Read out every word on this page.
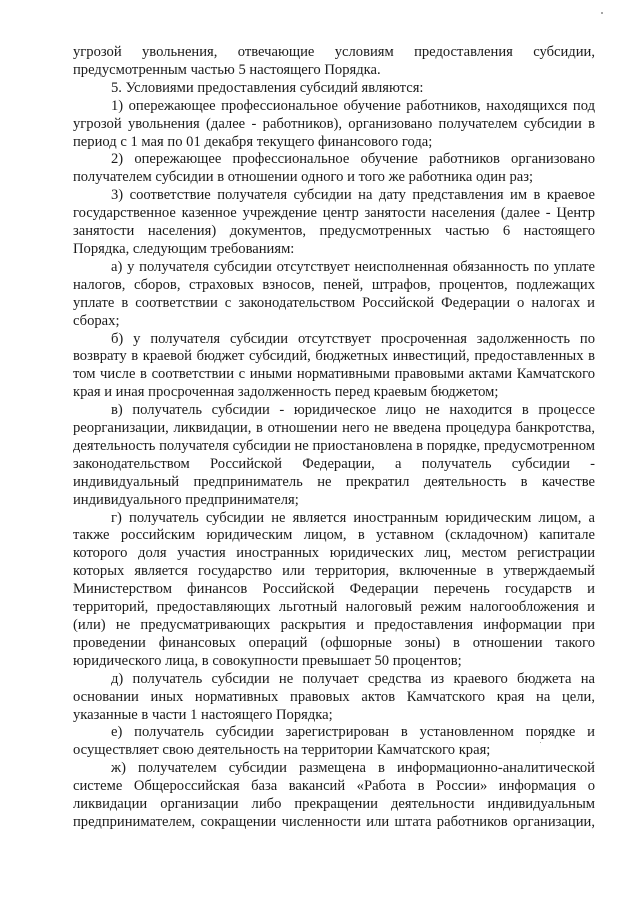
угрозой увольнения, отвечающие условиям предоставления субсидии, предусмотренным частью 5 настоящего Порядка.

5. Условиями предоставления субсидий являются:

1) опережающее профессиональное обучение работников, находящихся под угрозой увольнения (далее - работников), организовано получателем субсидии в период с 1 мая по 01 декабря текущего финансового года;

2) опережающее профессиональное обучение работников организовано получателем субсидии в отношении одного и того же работника один раз;

3) соответствие получателя субсидии на дату представления им в краевое государственное казенное учреждение центр занятости населения (далее - Центр занятости населения) документов, предусмотренных частью 6 настоящего Порядка, следующим требованиям:

а) у получателя субсидии отсутствует неисполненная обязанность по уплате налогов, сборов, страховых взносов, пеней, штрафов, процентов, подлежащих уплате в соответствии с законодательством Российской Федерации о налогах и сборах;

б) у получателя субсидии отсутствует просроченная задолженность по возврату в краевой бюджет субсидий, бюджетных инвестиций, предоставленных в том числе в соответствии с иными нормативными правовыми актами Камчатского края и иная просроченная задолженность перед краевым бюджетом;

в) получатель субсидии - юридическое лицо не находится в процессе реорганизации, ликвидации, в отношении него не введена процедура банкротства, деятельность получателя субсидии не приостановлена в порядке, предусмотренном законодательством Российской Федерации, а получатель субсидии - индивидуальный предприниматель не прекратил деятельность в качестве индивидуального предпринимателя;

г) получатель субсидии не является иностранным юридическим лицом, а также российским юридическим лицом, в уставном (складочном) капитале которого доля участия иностранных юридических лиц, местом регистрации которых является государство или территория, включенные в утверждаемый Министерством финансов Российской Федерации перечень государств и территорий, предоставляющих льготный налоговый режим налогообложения и (или) не предусматривающих раскрытия и предоставления информации при проведении финансовых операций (офшорные зоны) в отношении такого юридического лица, в совокупности превышает 50 процентов;

д) получатель субсидии не получает средства из краевого бюджета на основании иных нормативных правовых актов Камчатского края на цели, указанные в части 1 настоящего Порядка;

е) получатель субсидии зарегистрирован в установленном порядке и осуществляет свою деятельность на территории Камчатского края;

ж) получателем субсидии размещена в информационно-аналитической системе Общероссийская база вакансий «Работа в России» информация о ликвидации организации либо прекращении деятельности индивидуальным предпринимателем, сокращении численности или штата работников организации,
